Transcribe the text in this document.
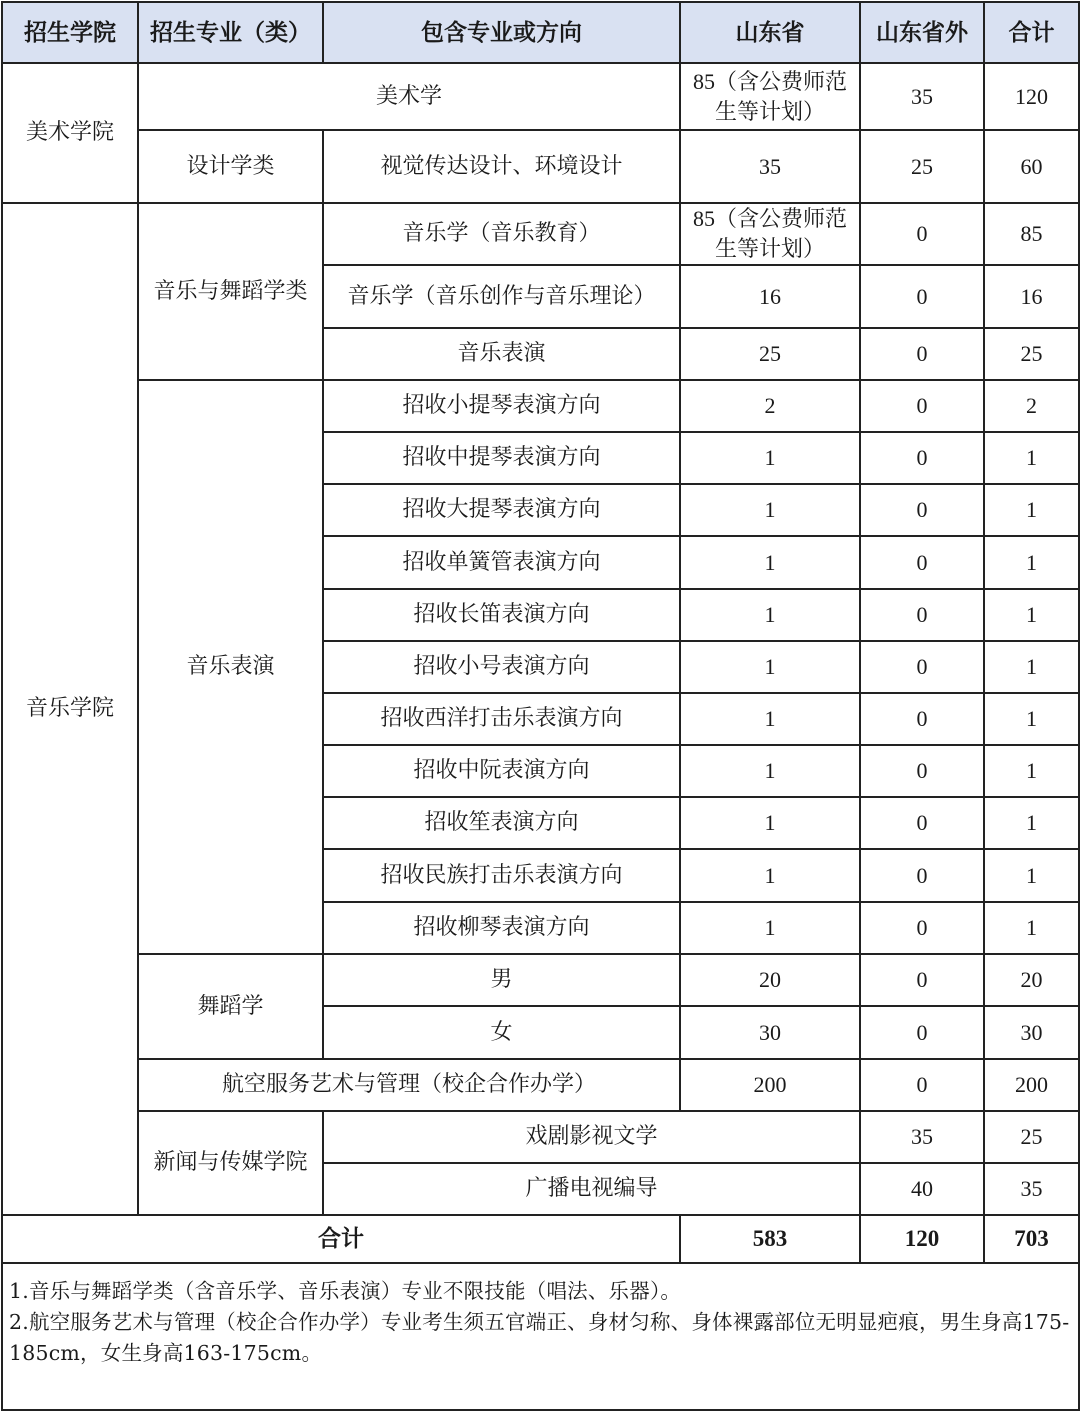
招生学院	招生专业（类）	包含专业或方向	山东省	山东省外	合计	
美术学院	美术学		85（含公费师范生等计划）	35	120	
	设计学类	视觉传达设计、环境设计	35	25	60	
音乐学院	音乐与舞蹈学类	音乐学（音乐教育）	85（含公费师范生等计划）	0	85	
		音乐学（音乐创作与音乐理论）	16	0	16	
		音乐表演	25	0	25	
	音乐表演	招收小提琴表演方向	2	0	2	
		招收中提琴表演方向	1	0	1	
		招收大提琴表演方向	1	0	1	
		招收单簧管表演方向	1	0	1	
		招收长笛表演方向	1	0	1	
		招收小号表演方向	1	0	1	
		招收西洋打击乐表演方向	1	0	1	
		招收中阮表演方向	1	0	1	
		招收笙表演方向	1	0	1	
		招收民族打击乐表演方向	1	0	1	
		招收柳琴表演方向	1	0	1	
	舞蹈学	男	20	0	20	
		女	30	0	30	
	航空服务艺术与管理（校企合作办学）		200	0	200	
	新闻与传媒学院	戏剧影视文学		35	25	
		广播电视编导		40	35	
合计			583	120	703	

1.音乐与舞蹈学类（含音乐学、音乐表演）专业不限技能（唱法、乐器）。

2.航空服务艺术与管理（校企合作办学）专业考生须五官端正、身材匀称、身体裸露部位无明显疤痕，男生身高175-185cm，女生身高163-175cm。						
